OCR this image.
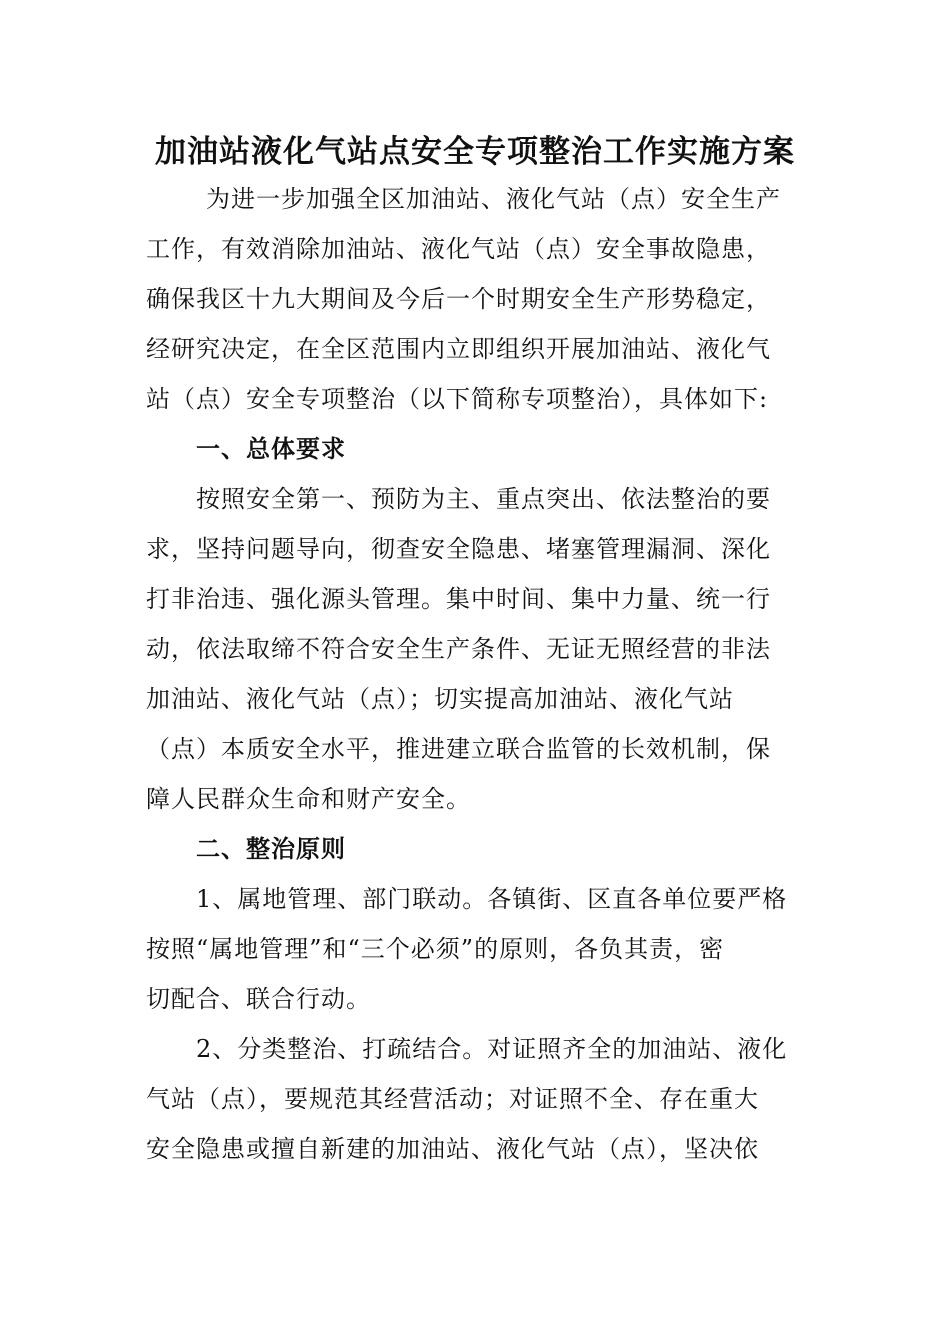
加油站液化气站点安全专项整治工作实施方案
为进一步加强全区加油站、液化气站（点）安全生产
工作，有效消除加油站、液化气站（点）安全事故隐患，
确保我区十九大期间及今后一个时期安全生产形势稳定，
经研究决定，在全区范围内立即组织开展加油站、液化气
站（点）安全专项整治（以下简称专项整治），具体如下:
一、总体要求
按照安全第一、预防为主、重点突出、依法整治的要
求，坚持问题导向，彻查安全隐患、堵塞管理漏洞、深化
打非治违、强化源头管理。集中时间、集中力量、统一行
动，依法取缔不符合安全生产条件、无证无照经营的非法
加油站、液化气站（点）；切实提高加油站、液化气站
（点）本质安全水平，推进建立联合监管的长效机制，保
障人民群众生命和财产安全。
二、整治原则
1、属地管理、部门联动。各镇街、区直各单位要严格
按照“属地管理”和“三个必须”的原则，各负其责，密
切配合、联合行动。
2、分类整治、打疏结合。对证照齐全的加油站、液化
气站（点），要规范其经营活动；对证照不全、存在重大
安全隐患或擅自新建的加油站、液化气站（点），坚决依
